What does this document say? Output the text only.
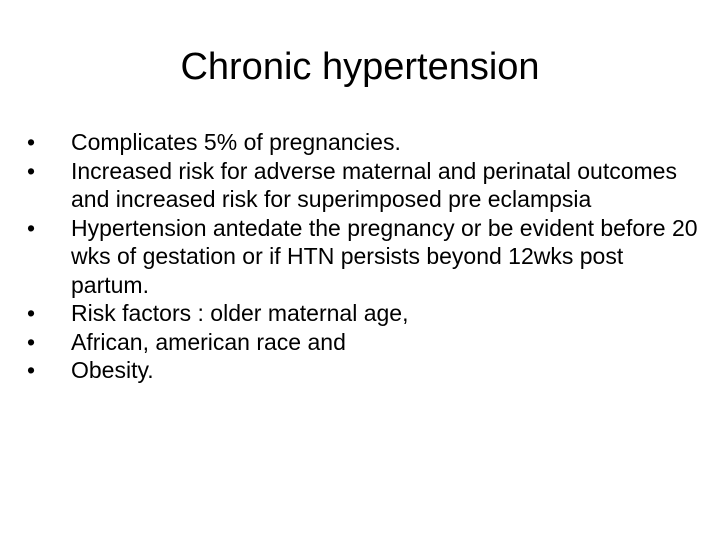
Chronic hypertension
•	Complicates 5% of pregnancies.
•	Increased risk for adverse maternal and perinatal outcomes and increased risk for superimposed pre eclampsia
•	Hypertension antedate the pregnancy or be evident before 20 wks of gestation or if HTN persists beyond 12wks post partum.
•	Risk factors : older maternal age,
•	African, american race and
•	Obesity.
